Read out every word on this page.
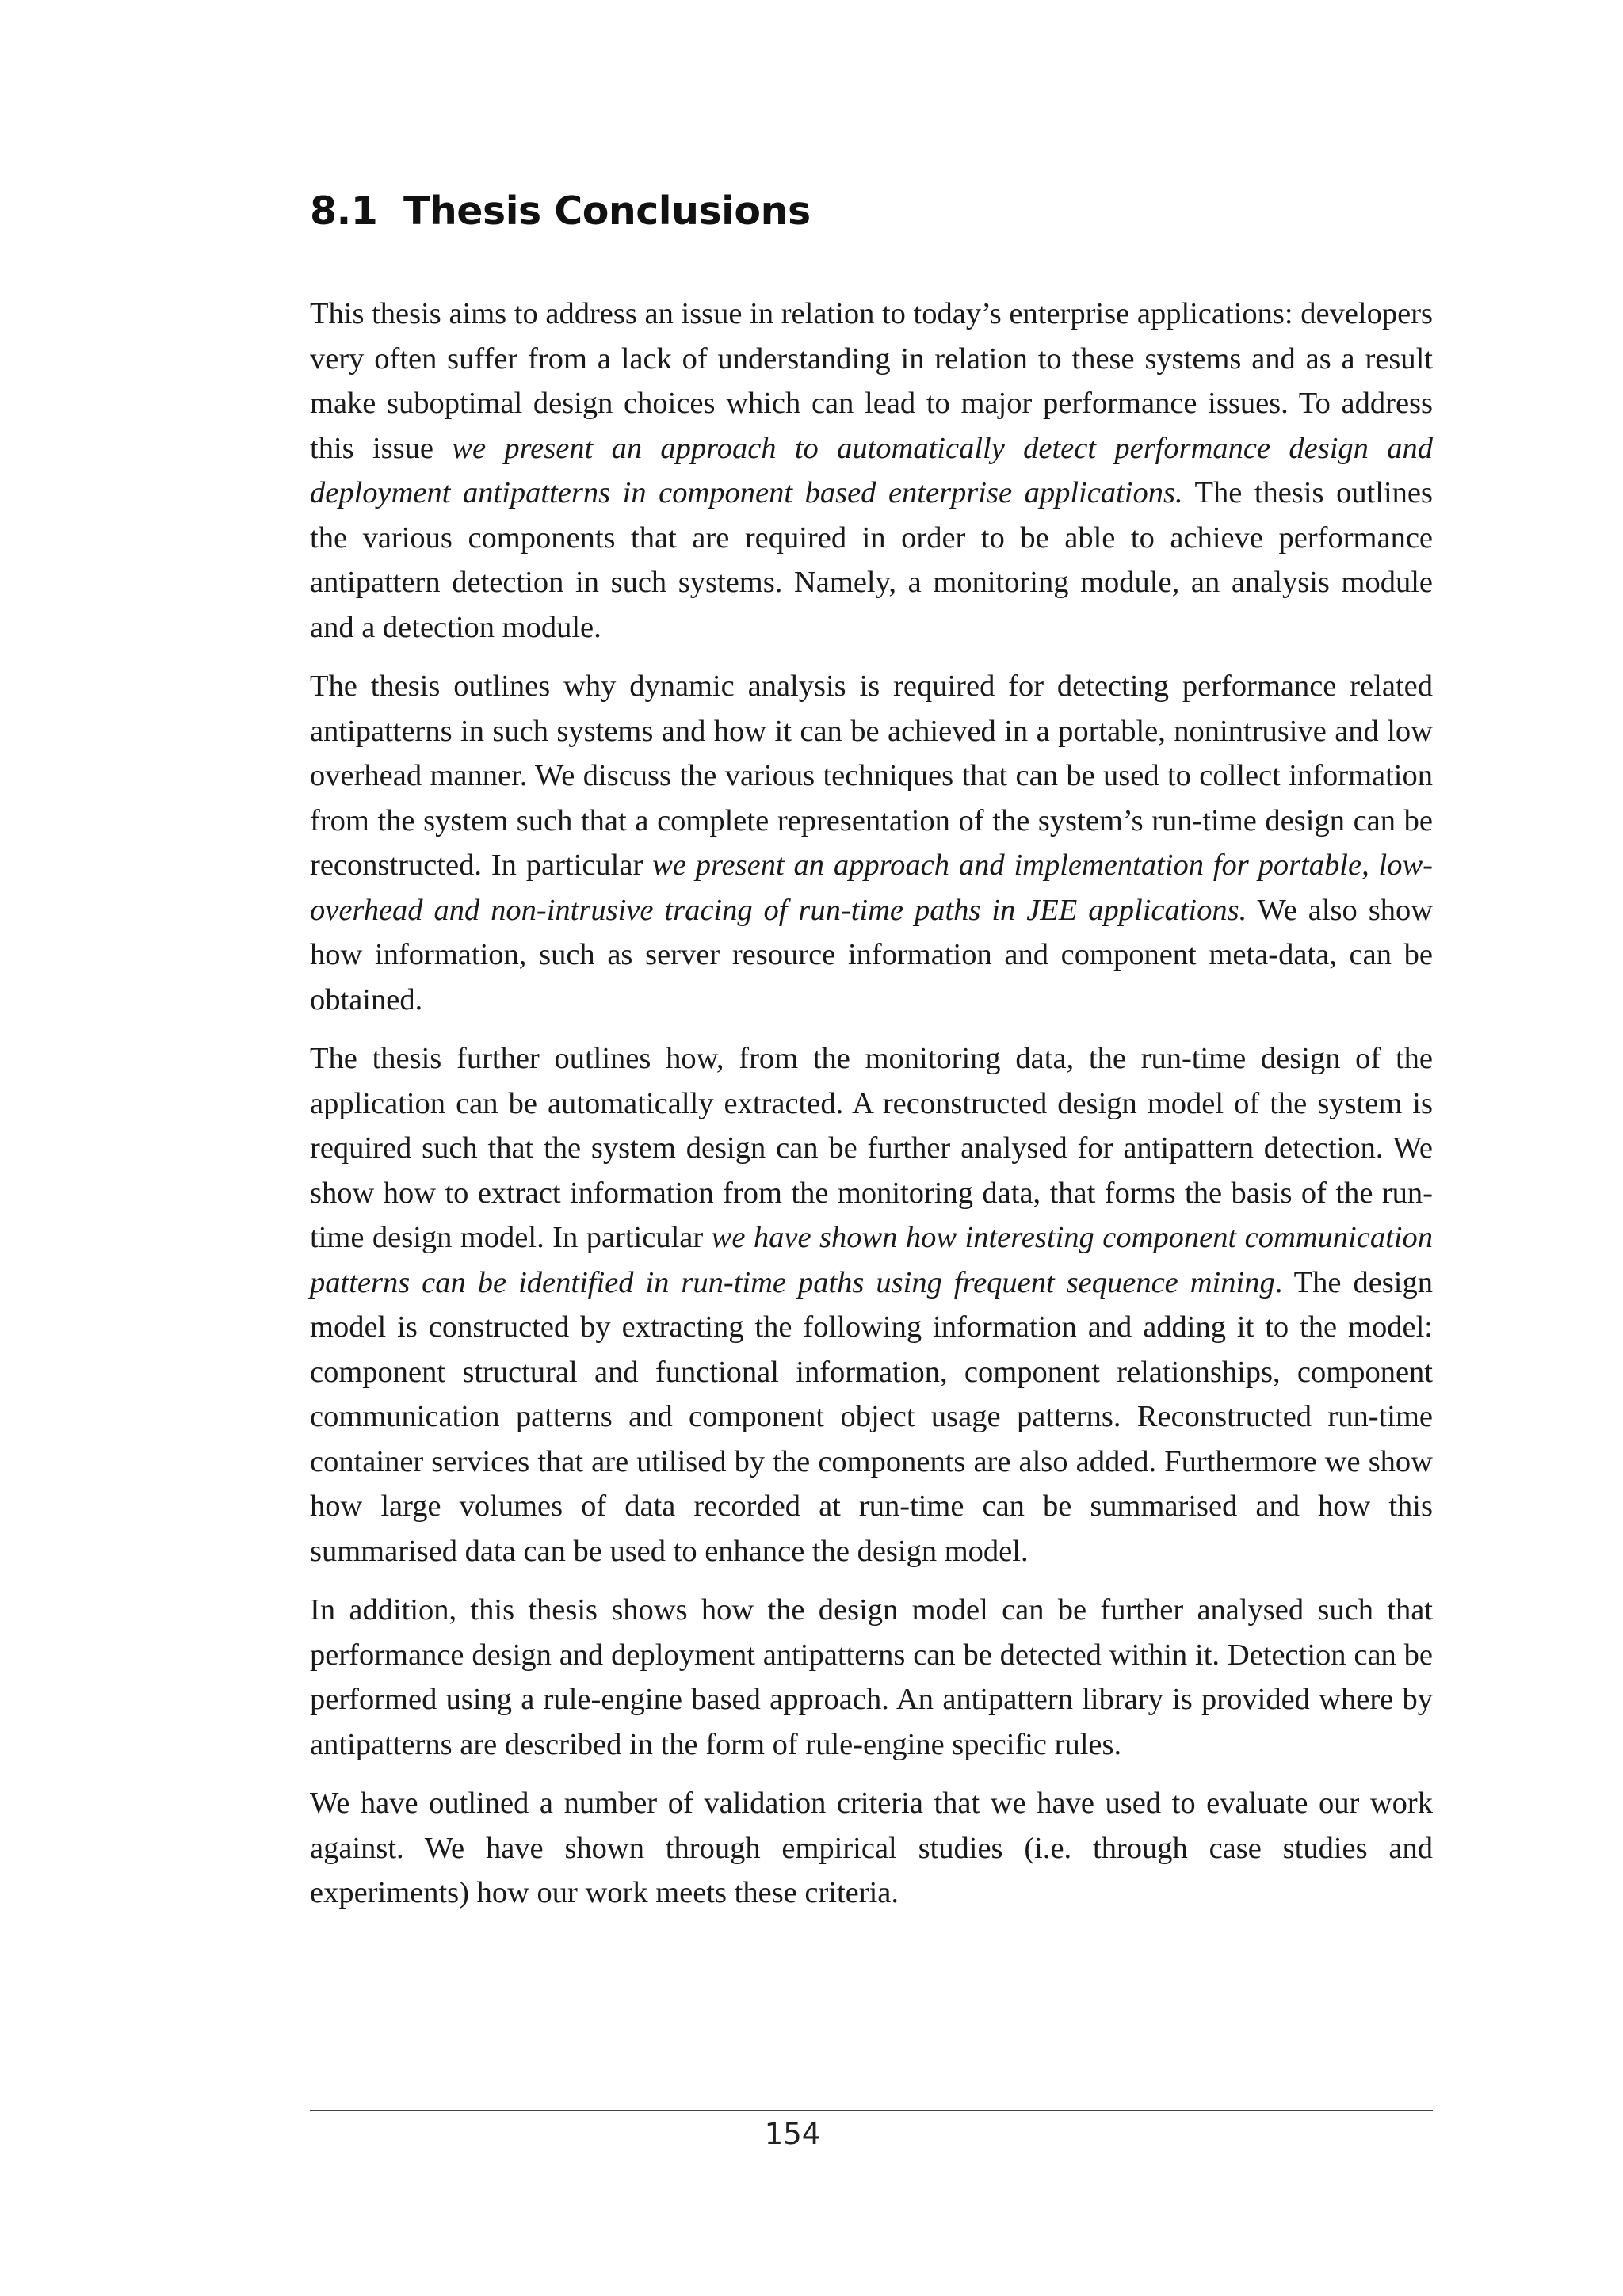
8.1 Thesis Conclusions

This thesis aims to address an issue in relation to today’s enterprise applications: developers very often suffer from a lack of understanding in relation to these systems and as a result make suboptimal design choices which can lead to major performance issues. To address this issue we present an approach to automatically detect performance design and deployment antipatterns in component based enterprise applications. The thesis outlines the various components that are required in order to be able to achieve performance antipattern detection in such systems. Namely, a monitoring module, an analysis module and a detection module.

The thesis outlines why dynamic analysis is required for detecting performance related antipatterns in such systems and how it can be achieved in a portable, nonintrusive and low overhead manner. We discuss the various techniques that can be used to collect information from the system such that a complete representation of the system’s run-time design can be reconstructed. In particular we present an approach and implementation for portable, low-overhead and non-intrusive tracing of run-time paths in JEE applications. We also show how information, such as server resource information and component meta-data, can be obtained.

The thesis further outlines how, from the monitoring data, the run-time design of the application can be automatically extracted. A reconstructed design model of the system is required such that the system design can be further analysed for antipattern detection. We show how to extract information from the monitoring data, that forms the basis of the run-time design model. In particular we have shown how interesting component communication patterns can be identified in run-time paths using frequent sequence mining. The design model is constructed by extracting the following information and adding it to the model: component structural and functional information, component relationships, component communication patterns and component object usage patterns. Reconstructed run-time container services that are utilised by the components are also added. Furthermore we show how large volumes of data recorded at run-time can be summarised and how this summarised data can be used to enhance the design model.

In addition, this thesis shows how the design model can be further analysed such that performance design and deployment antipatterns can be detected within it. Detection can be performed using a rule-engine based approach. An antipattern library is provided where by antipatterns are described in the form of rule-engine specific rules.

We have outlined a number of validation criteria that we have used to evaluate our work against. We have shown through empirical studies (i.e. through case studies and experiments) how our work meets these criteria.

154
